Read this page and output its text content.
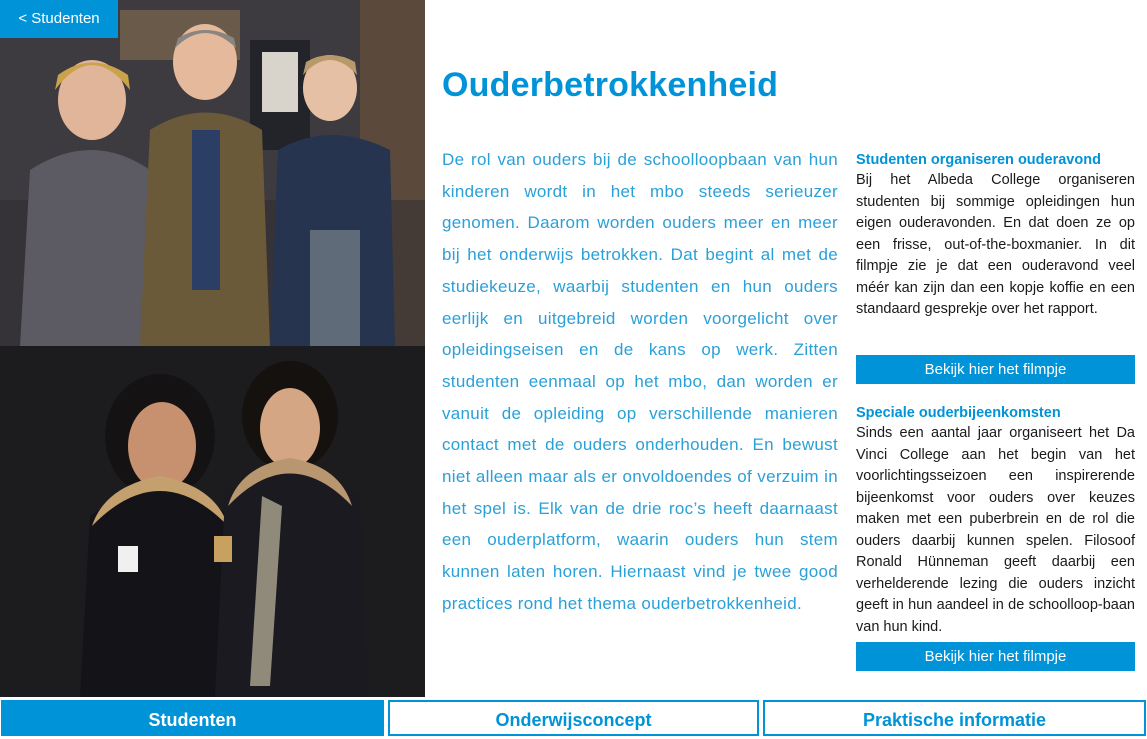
< Studenten
Ouderbetrokkenheid

De rol van ouders bij de schoolloopbaan van hun kinderen wordt in het mbo steeds serieuzer genomen. Daarom worden ouders meer en meer bij het onderwijs betrokken. Dat begint al met de studiekeuze, waarbij studenten en hun ouders eerlijk en uitgebreid worden voorgelicht over opleidingseisen en de kans op werk. Zitten studenten eenmaal op het mbo, dan worden er vanuit de opleiding op verschillende manieren contact met de ouders onderhouden. En bewust niet alleen maar als er onvoldoendes of verzuim in het spel is. Elk van de drie roc’s heeft daarnaast een ouderplatform, waarin ouders hun stem kunnen laten horen. Hiernaast vind je twee good practices rond het thema ouderbetrokkenheid.

Studenten organiseren ouderavond

Bij het Albeda College organiseren studenten bij sommige opleidingen hun eigen ouderavonden. En dat doen ze op een frisse, out-of-the-boxmanier. In dit filmpje zie je dat een ouderavond veel méér kan zijn dan een kopje koffie en een standaard gesprekje over het rapport.

Bekijk hier het filmpje
Speciale ouderbijeenkomsten

Sinds een aantal jaar organiseert het Da Vinci College aan het begin van het voorlichtingsseizoen een inspirerende bijeenkomst voor ouders over keuzes maken met een puberbrein en de rol die ouders daarbij kunnen spelen. Filosoof Ronald Hünneman geeft daarbij een verhelderende lezing die ouders inzicht geeft in hun aandeel in de schoolloop-baan van hun kind.

Bekijk hier het filmpje
Studenten	Onderwijsconcept	Praktische informatie
